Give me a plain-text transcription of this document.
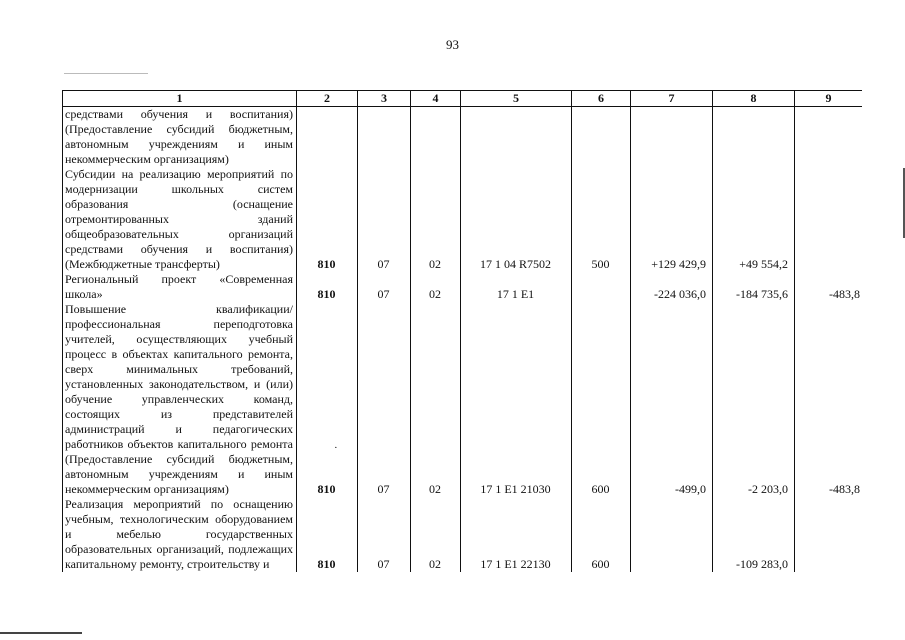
93
1	2	3	4	5	6	7	8	9
средствами обучения и воспитания) (Предоставление субсидий бюджетным, автономным учреждениям и иным некоммерческим организациям)								
Субсидии на реализацию мероприятий по модернизации школьных систем образования (оснащение отремонтированных зданий общеобразовательных организаций средствами обучения и воспитания) (Межбюджетные трансферты)	810	07	02	17 1 04 R7502	500	+129 429,9	+49 554,2	
Региональный проект «Современная школа»	810	07	02	17 1 E1		-224 036,0	-184 735,6	-483,8
Повышение квалификации/профессиональная переподготовка учителей, осуществляющих учебный процесс в объектах капитального ремонта, сверх минимальных требований, установленных законодательством, и (или) обучение управленческих команд, состоящих из представителей администраций и педагогических работников объектов капитального ремонта (Предоставление субсидий бюджетным, автономным учреждениям и иным некоммерческим организациям)	810	07	02	17 1 E1 21030	600	-499,0	-2 203,0	-483,8
Реализация мероприятий по оснащению учебным, технологическим оборудованием и мебелью государственных образовательных организаций, подлежащих капитальному ремонту, строительству и	810	07	02	17 1 E1 22130	600		-109 283,0	
·
